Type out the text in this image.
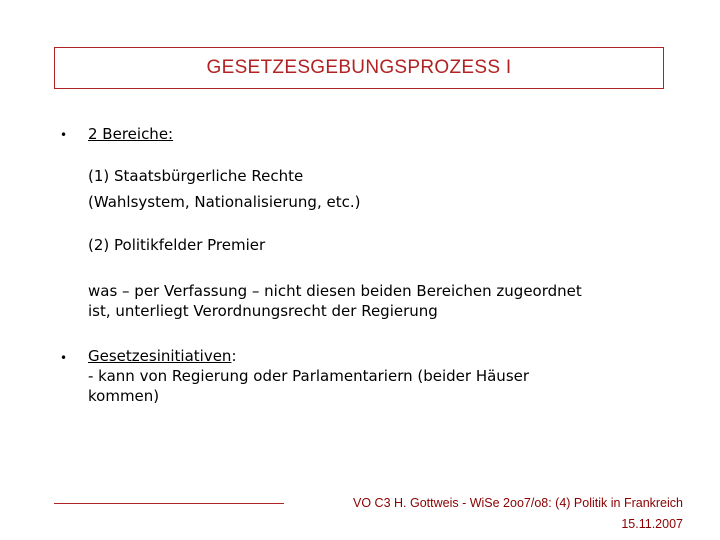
GESETZESGEBUNGSPROZESS I
• 2 Bereiche:
(1) Staatsbürgerliche Rechte
(Wahlsystem, Nationalisierung, etc.)
(2) Politikfelder Premier
was – per Verfassung – nicht diesen beiden Bereichen zugeordnet
ist, unterliegt Verordnungsrecht der Regierung
• Gesetzesinitiativen:
- kann von Regierung oder Parlamentariern (beider Häuser
kommen)
VO C3 H. Gottweis - WiSe 2oo7/o8: (4) Politik in Frankreich
15.11.2007
